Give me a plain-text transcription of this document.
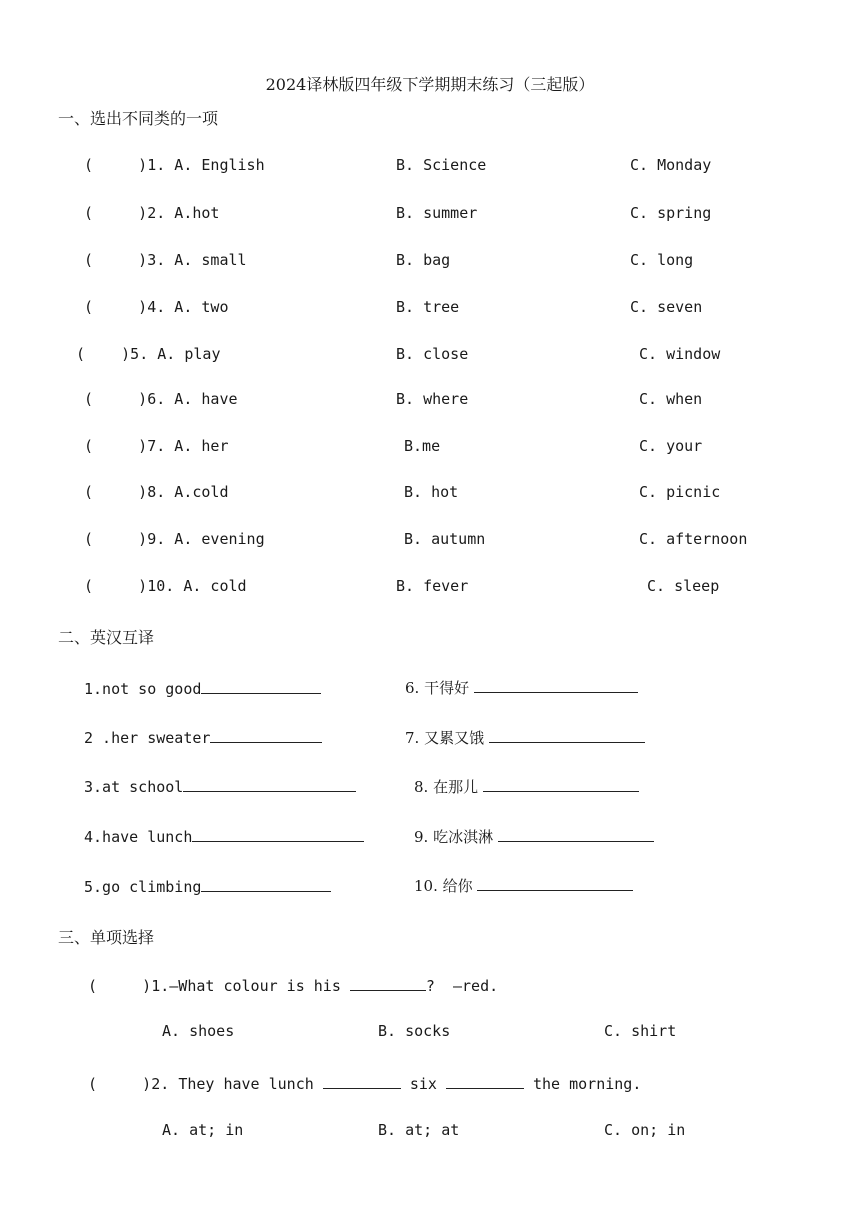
2024译林版四年级下学期期末练习（三起版）
一、选出不同类的一项
(     )1. A. English	B. Science	C. Monday
(     )2. A.hot	B. summer	C. spring
(     )3. A. small	B. bag	C. long
(     )4. A. two	B. tree	C. seven
(    )5. A. play	B. close	C. window
(     )6. A. have	B. where	C. when
(     )7. A. her	B.me	C. your
(     )8. A.cold	B. hot	C. picnic
(     )9. A. evening	B. autumn	C. afternoon
(     )10. A. cold	B. fever	C. sleep
二、英汉互译
1.not so good	6. 干得好
2 .her sweater	7. 又累又饿
3.at school	8. 在那儿
4.have lunch	9. 吃冰淇淋
5.go climbing	10. 给你
三、单项选择
(     )1.—What colour is his	?  —red.
A. shoes	B. socks	C. shirt
(     )2. They have lunch	six	the morning.
A. at; in	B. at; at	C. on; in
